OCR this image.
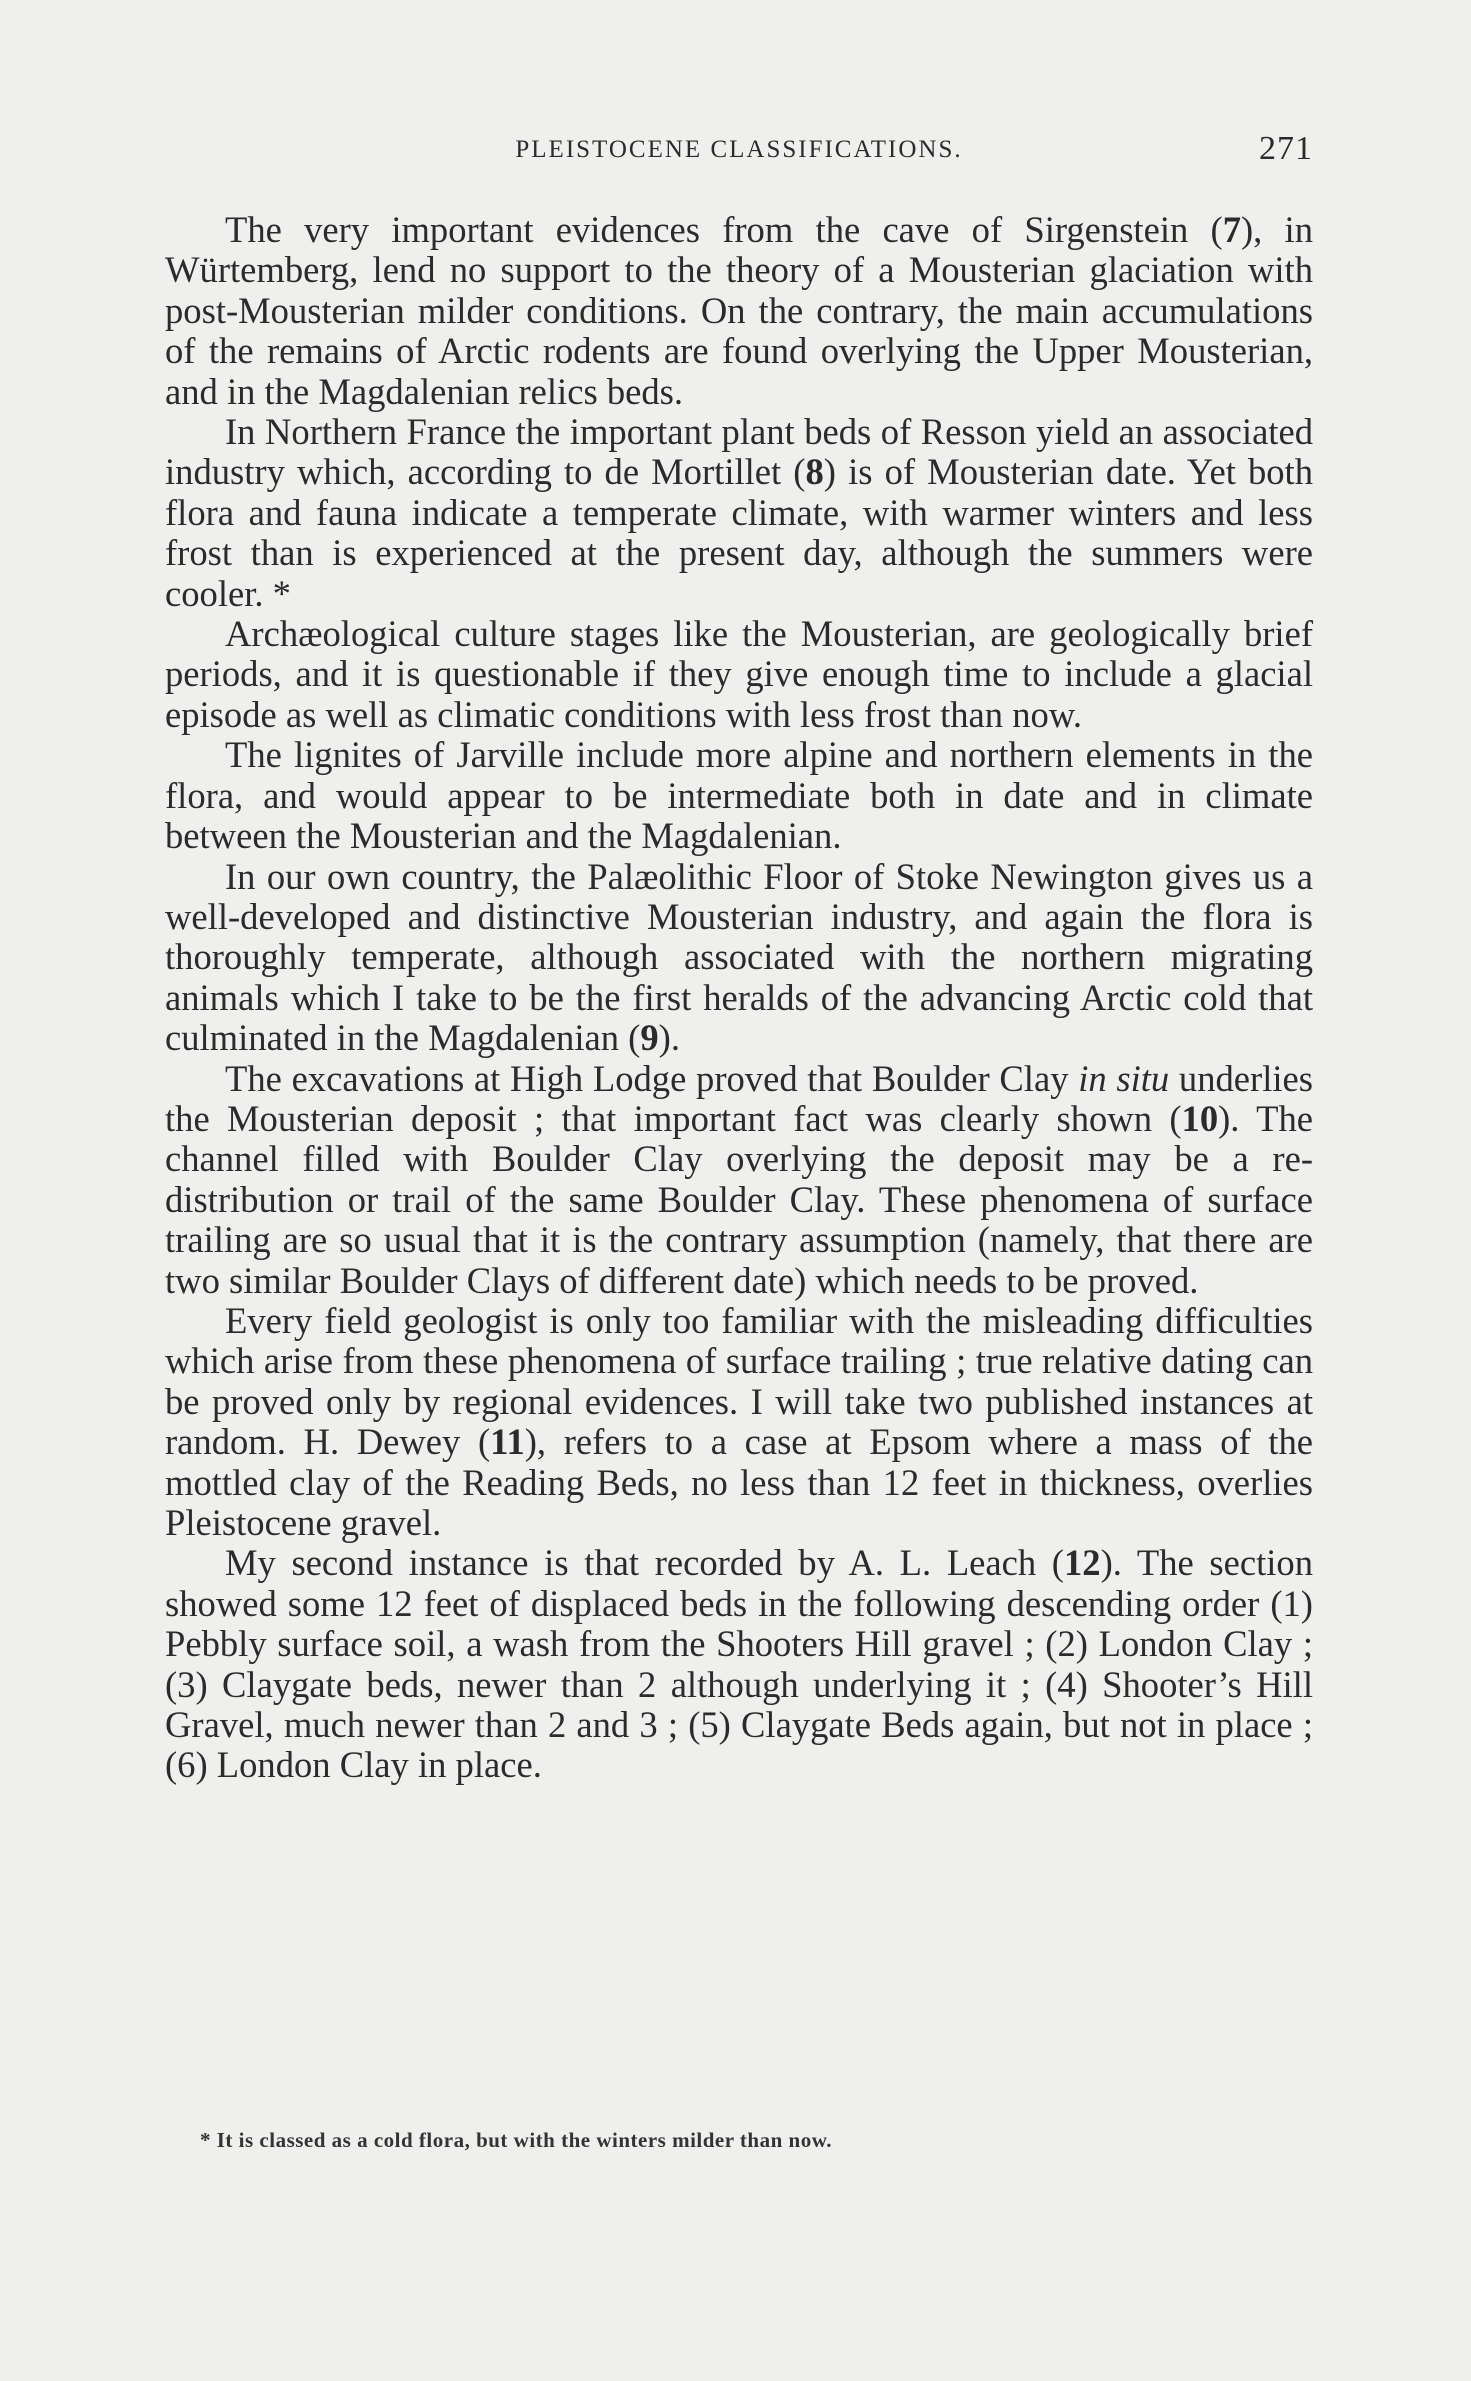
PLEISTOCENE CLASSIFICATIONS.	271

The very important evidences from the cave of Sirgenstein (7), in Würtemberg, lend no support to the theory of a Mousterian glaciation with post-Mousterian milder conditions. On the contrary, the main accumulations of the remains of Arctic rodents are found overlying the Upper Mousterian, and in the Magdalenian relics beds.

In Northern France the important plant beds of Resson yield an associated industry which, according to de Mortillet (8) is of Mousterian date. Yet both flora and fauna indicate a temperate climate, with warmer winters and less frost than is experienced at the present day, although the summers were cooler. *

Archæological culture stages like the Mousterian, are geologically brief periods, and it is questionable if they give enough time to include a glacial episode as well as climatic conditions with less frost than now.

The lignites of Jarville include more alpine and northern elements in the flora, and would appear to be intermediate both in date and in climate between the Mousterian and the Magdalenian.

In our own country, the Palæolithic Floor of Stoke Newington gives us a well-developed and distinctive Mousterian industry, and again the flora is thoroughly temperate, although associated with the northern migrating animals which I take to be the first heralds of the advancing Arctic cold that culminated in the Magdalenian (9).

The excavations at High Lodge proved that Boulder Clay in situ underlies the Mousterian deposit ; that important fact was clearly shown (10). The channel filled with Boulder Clay overlying the deposit may be a re-distribution or trail of the same Boulder Clay. These phenomena of surface trailing are so usual that it is the contrary assumption (namely, that there are two similar Boulder Clays of different date) which needs to be proved.

Every field geologist is only too familiar with the misleading difficulties which arise from these phenomena of surface trailing ; true relative dating can be proved only by regional evidences. I will take two published instances at random. H. Dewey (11), refers to a case at Epsom where a mass of the mottled clay of the Reading Beds, no less than 12 feet in thickness, overlies Pleistocene gravel.

My second instance is that recorded by A. L. Leach (12). The section showed some 12 feet of displaced beds in the following descending order (1) Pebbly surface soil, a wash from the Shooters Hill gravel ; (2) London Clay ; (3) Claygate beds, newer than 2 although underlying it ; (4) Shooter’s Hill Gravel, much newer than 2 and 3 ; (5) Claygate Beds again, but not in place ; (6) London Clay in place.

* It is classed as a cold flora, but with the winters milder than now.
